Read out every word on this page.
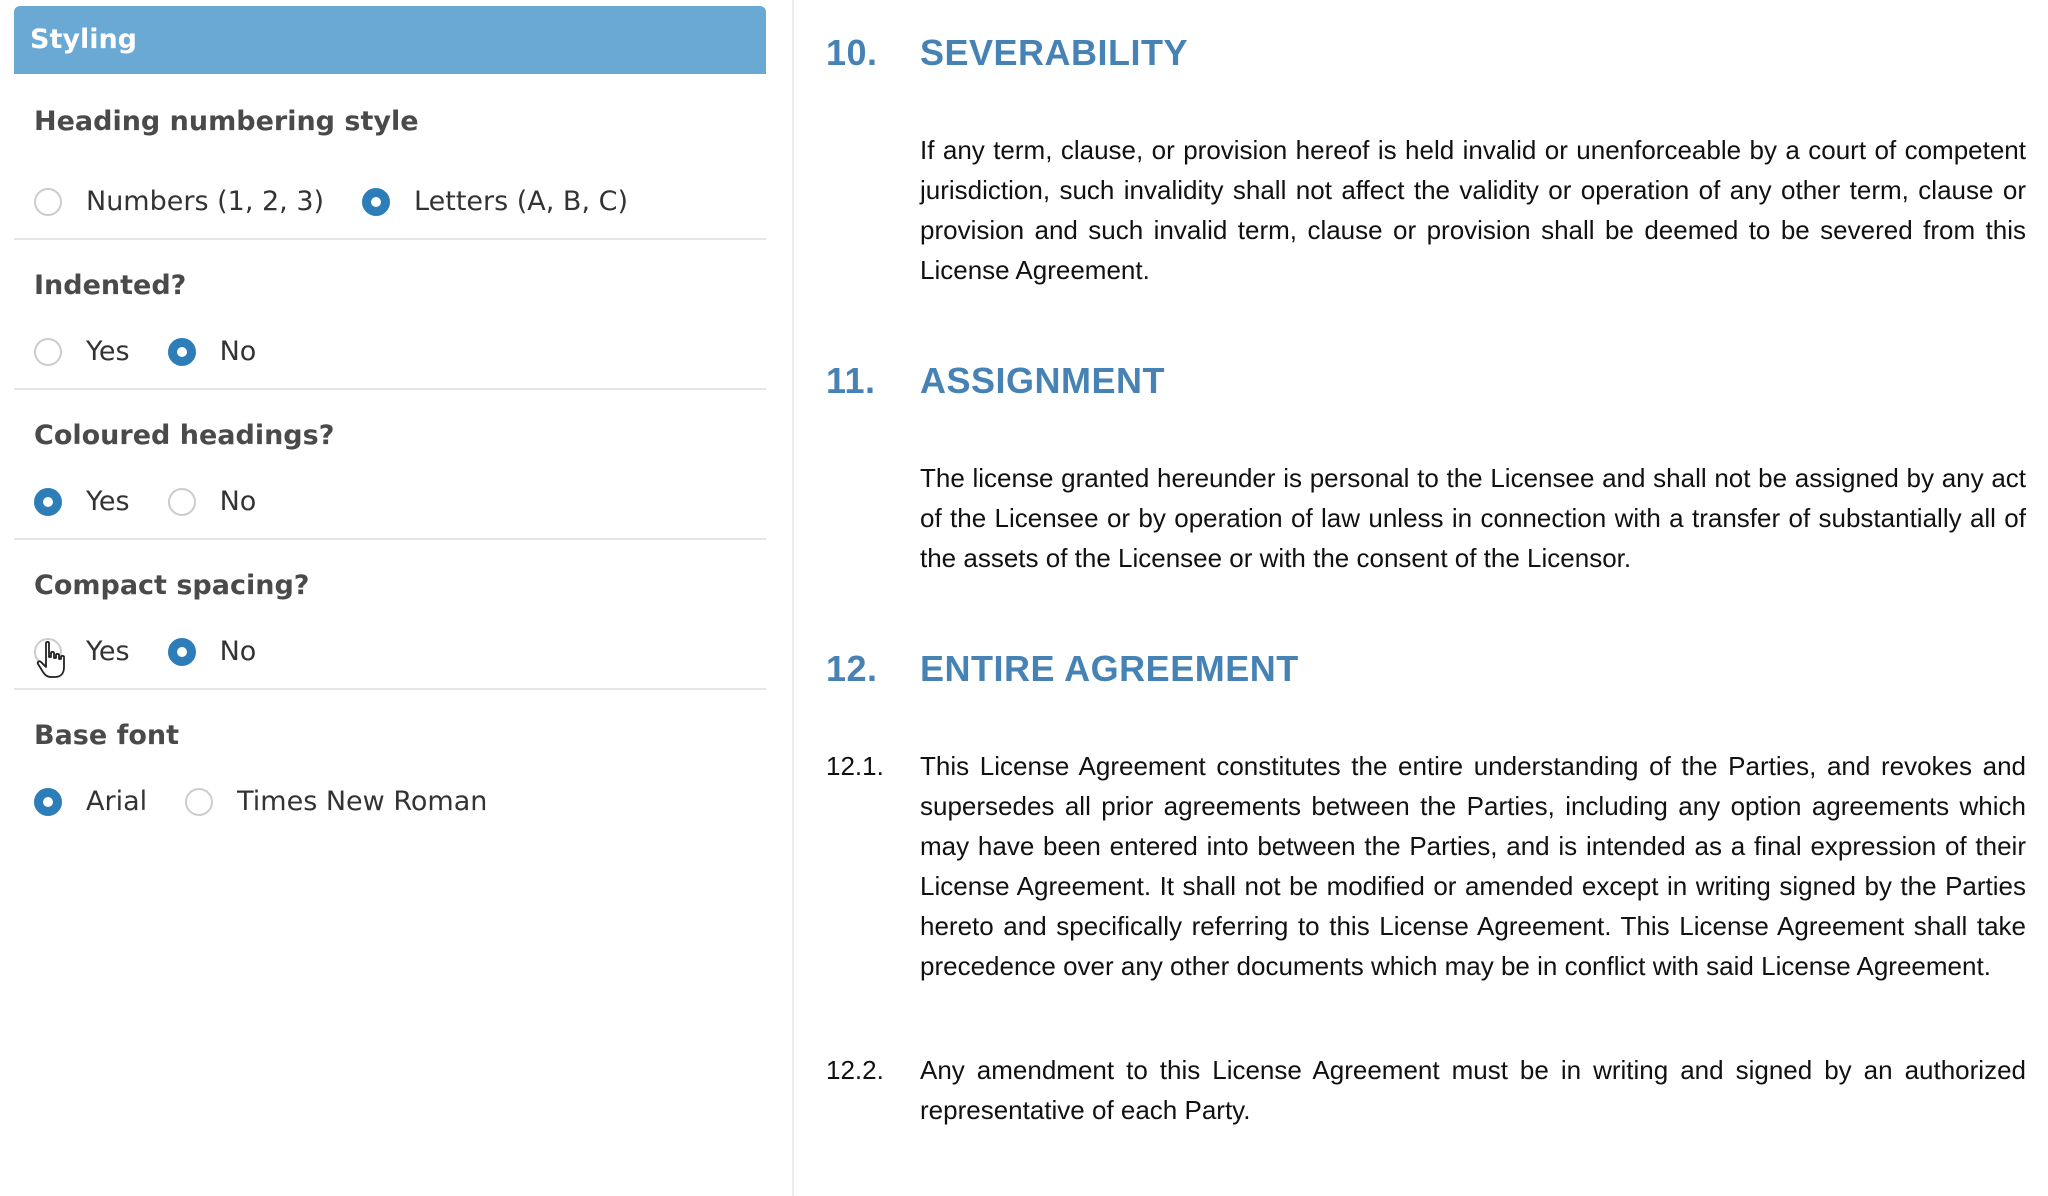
Styling
Heading numbering style
Numbers (1, 2, 3)	Letters (A, B, C)
Indented?
Yes	No
Coloured headings?
Yes	No
Compact spacing?
Yes	No
Base font
Arial	Times New Roman
10.	SEVERABILITY
If any term, clause, or provision hereof is held invalid or unenforceable by a court of competent jurisdiction, such invalidity shall not affect the validity or operation of any other term, clause or provision and such invalid term, clause or provision shall be deemed to be severed from this License Agreement.
11.	ASSIGNMENT
The license granted hereunder is personal to the Licensee and shall not be assigned by any act of the Licensee or by operation of law unless in connection with a transfer of substantially all of the assets of the Licensee or with the consent of the Licensor.
12.	ENTIRE AGREEMENT
12.1.	This License Agreement constitutes the entire understanding of the Parties, and revokes and supersedes all prior agreements between the Parties, including any option agreements which may have been entered into between the Parties, and is intended as a final expression of their License Agreement. It shall not be modified or amended except in writing signed by the Parties hereto and specifically referring to this License Agreement. This License Agreement shall take precedence over any other documents which may be in conflict with said License Agreement.
12.2.	Any amendment to this License Agreement must be in writing and signed by an authorized representative of each Party.
